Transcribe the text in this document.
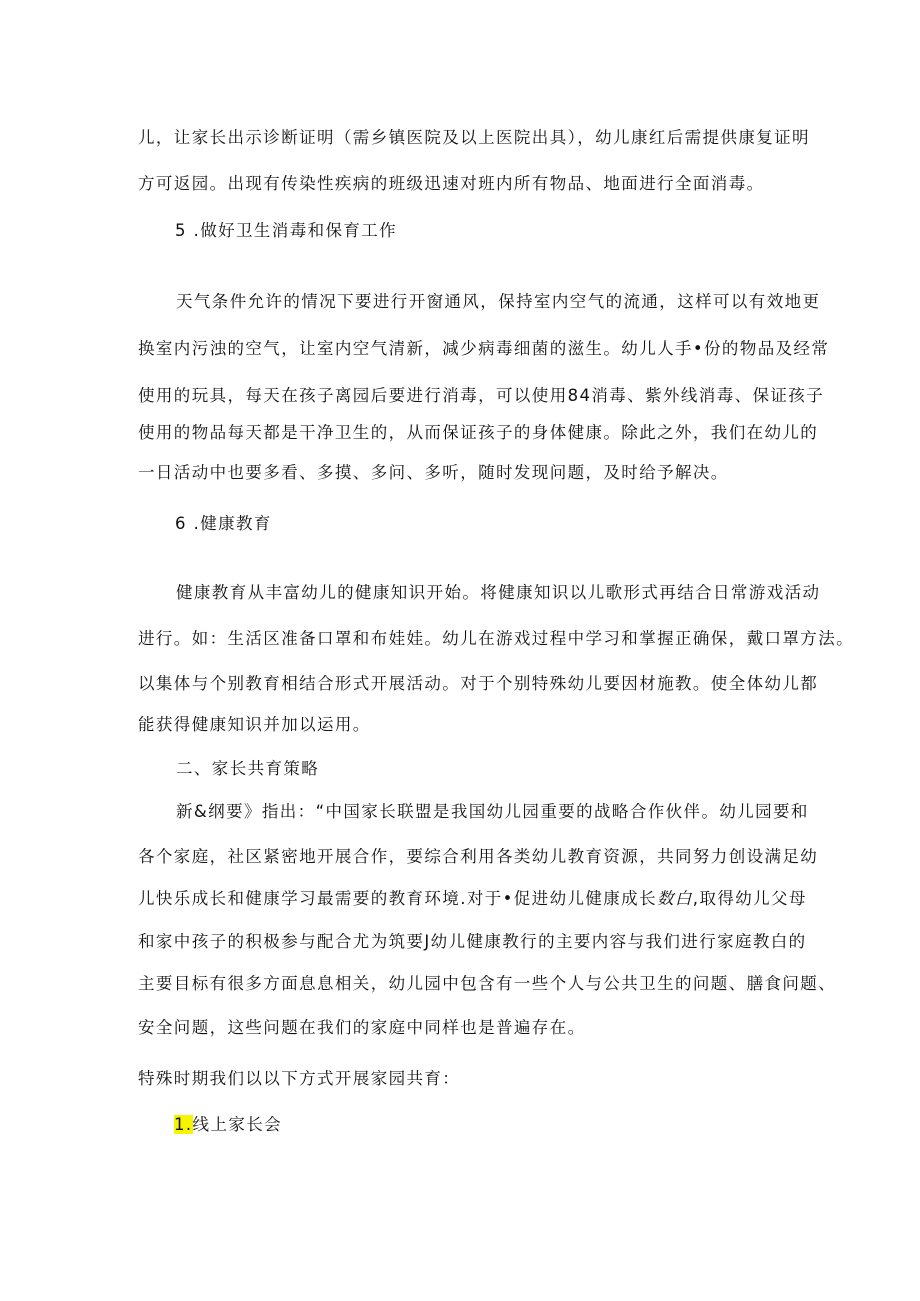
儿，让家长出示诊断证明（需乡镇医院及以上医院出具），幼儿康红后需提供康复证明
方可返园。出现有传染性疾病的班级迅速对班内所有物品、地面进行全面消毒。
5 .做好卫生消毒和保育工作
天气条件允许的情况下要进行开窗通风，保持室内空气的流通，这样可以有效地更
换室内污浊的空气，让室内空气清新，减少病毒细菌的滋生。幼儿人手•份的物品及经常
使用的玩具，每天在孩子离园后要进行消毒，可以使用84消毒、紫外线消毒、保证孩子
使用的物品每天都是干净卫生的，从而保证孩子的身体健康。除此之外，我们在幼儿的
一日活动中也要多看、多摸、多问、多听，随时发现问题，及时给予解决。
6 .健康教育
健康教育从丰富幼儿的健康知识开始。将健康知识以儿歌形式再结合日常游戏活动
进行。如：生活区准备口罩和布娃娃。幼儿在游戏过程中学习和掌握正确保，戴口罩方法。
以集体与个别教育相结合形式开展活动。对于个别特殊幼儿要因材施教。使全体幼儿都
能获得健康知识并加以运用。
二、家长共育策略
新&纲要》指出：“中国家长联盟是我国幼儿园重要的战略合作伙伴。幼儿园要和
各个家庭，社区紧密地开展合作，要综合利用各类幼儿教育资源，共同努力创设满足幼
儿快乐成长和健康学习最需要的教育环境.对于•促进幼儿健康成长数白,取得幼儿父母
和家中孩子的积极参与配合尤为筑要J幼儿健康教行的主要内容与我们进行家庭教白的
主要目标有很多方面息息相关，幼儿园中包含有一些个人与公共卫生的问题、膳食问题、
安全问题，这些问题在我们的家庭中同样也是普遍存在。
特殊时期我们以以下方式开展家园共育：
1.线上家长会
